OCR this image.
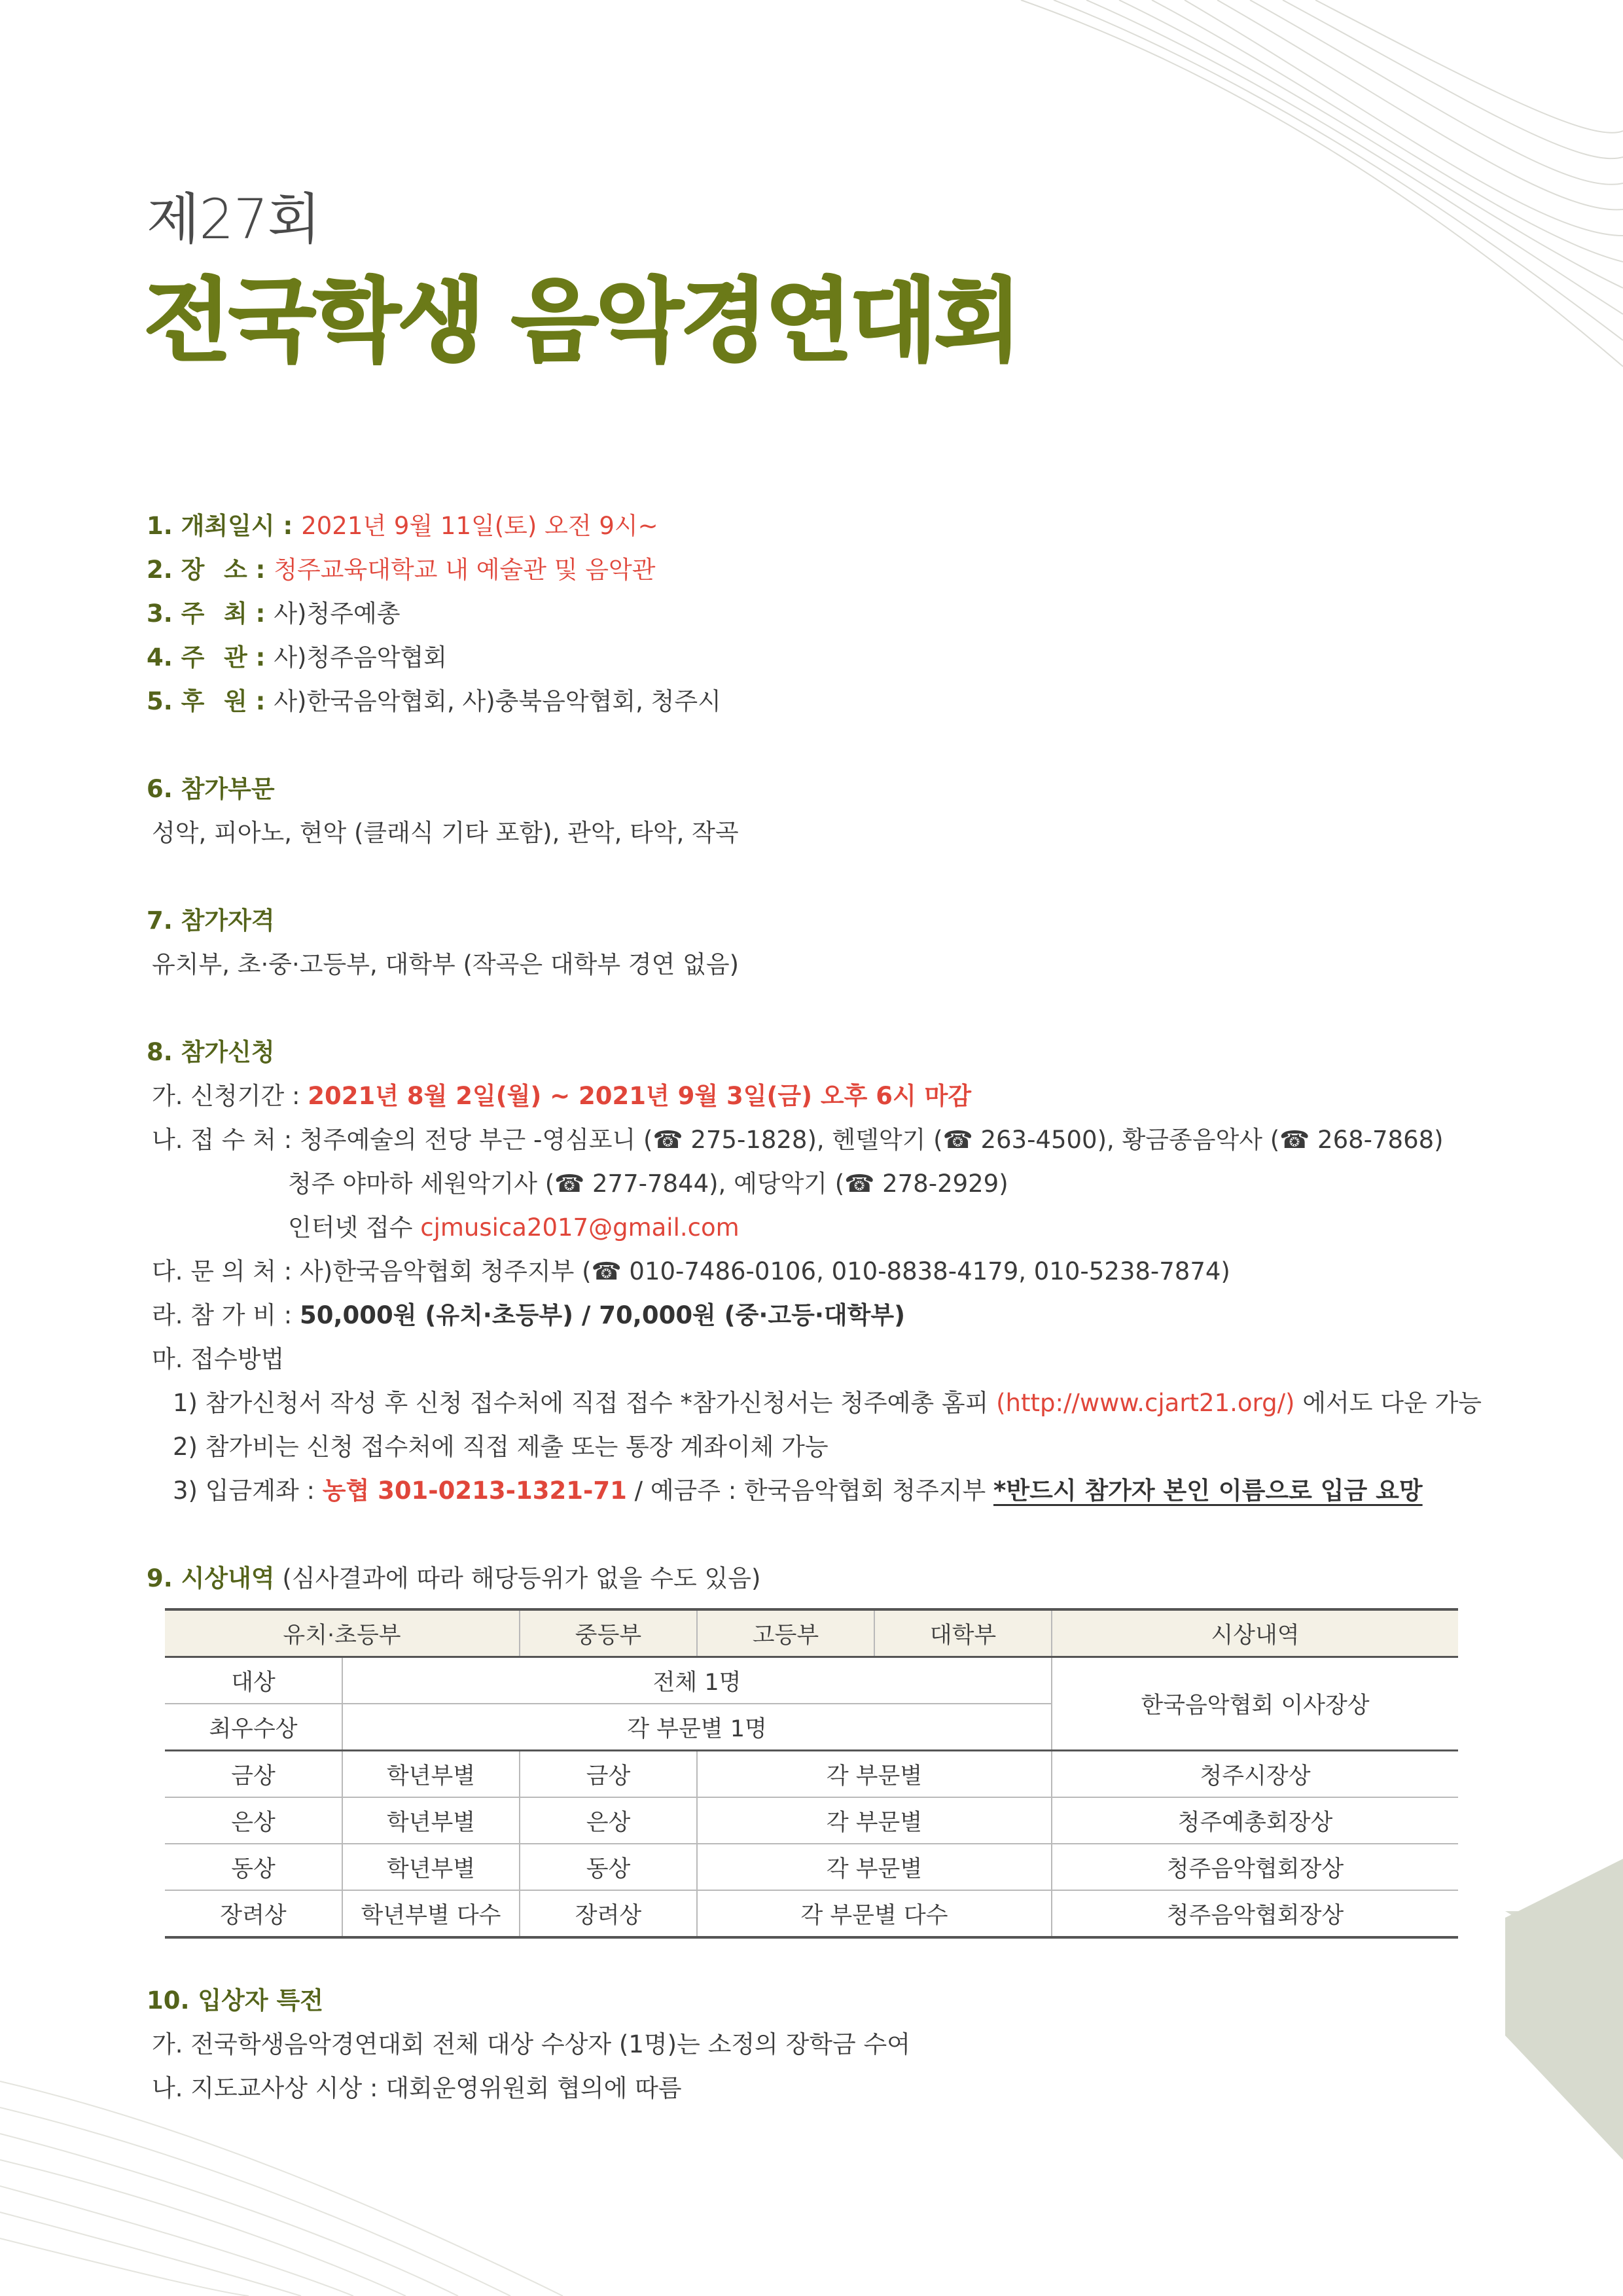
제27회
전국학생 음악경연대회
1. 개최일시 : 2021년 9월 11일(토) 오전 9시~
2. 장 소 : 청주교육대학교 내 예술관 및 음악관
3. 주 최 : 사)청주예총
4. 주 관 : 사)청주음악협회
5. 후 원 : 사)한국음악협회, 사)충북음악협회, 청주시
6. 참가부문
성악, 피아노, 현악 (클래식 기타 포함), 관악, 타악, 작곡
7. 참가자격
유치부, 초·중·고등부, 대학부 (작곡은 대학부 경연 없음)
8. 참가신청
가. 신청기간 : 2021년 8월 2일(월) ~ 2021년 9월 3일(금) 오후 6시 마감
나. 접 수 처 : 청주예술의 전당 부근 -영심포니 (☎ 275-1828), 헨델악기 (☎ 263-4500), 황금종음악사 (☎ 268-7868)
청주 야마하 세원악기사 (☎ 277-7844), 예당악기 (☎ 278-2929)
인터넷 접수 cjmusica2017@gmail.com
다. 문 의 처 : 사)한국음악협회 청주지부 (☎ 010-7486-0106, 010-8838-4179, 010-5238-7874)
라. 참 가 비 : 50,000원 (유치·초등부) / 70,000원 (중·고등·대학부)
마. 접수방법
1) 참가신청서 작성 후 신청 접수처에 직접 접수 *참가신청서는 청주예총 홈피 (http://www.cjart21.org/) 에서도 다운 가능
2) 참가비는 신청 접수처에 직접 제출 또는 통장 계좌이체 가능
3) 입금계좌 : 농협 301-0213-1321-71 / 예금주 : 한국음악협회 청주지부 *반드시 참가자 본인 이름으로 입금 요망
9. 시상내역 (심사결과에 따라 해당등위가 없을 수도 있음)
유치·초등부		중등부	고등부	대학부	시상내역
대상	전체 1명				한국음악협회 이사장상
최우수상	각 부문별 1명				
금상	학년부별	금상	각 부문별		청주시장상
은상	학년부별	은상	각 부문별		청주예총회장상
동상	학년부별	동상	각 부문별		청주음악협회장상
장려상	학년부별 다수	장려상	각 부문별 다수		청주음악협회장상
10. 입상자 특전
가. 전국학생음악경연대회 전체 대상 수상자 (1명)는 소정의 장학금 수여
나. 지도교사상 시상 : 대회운영위원회 협의에 따름
